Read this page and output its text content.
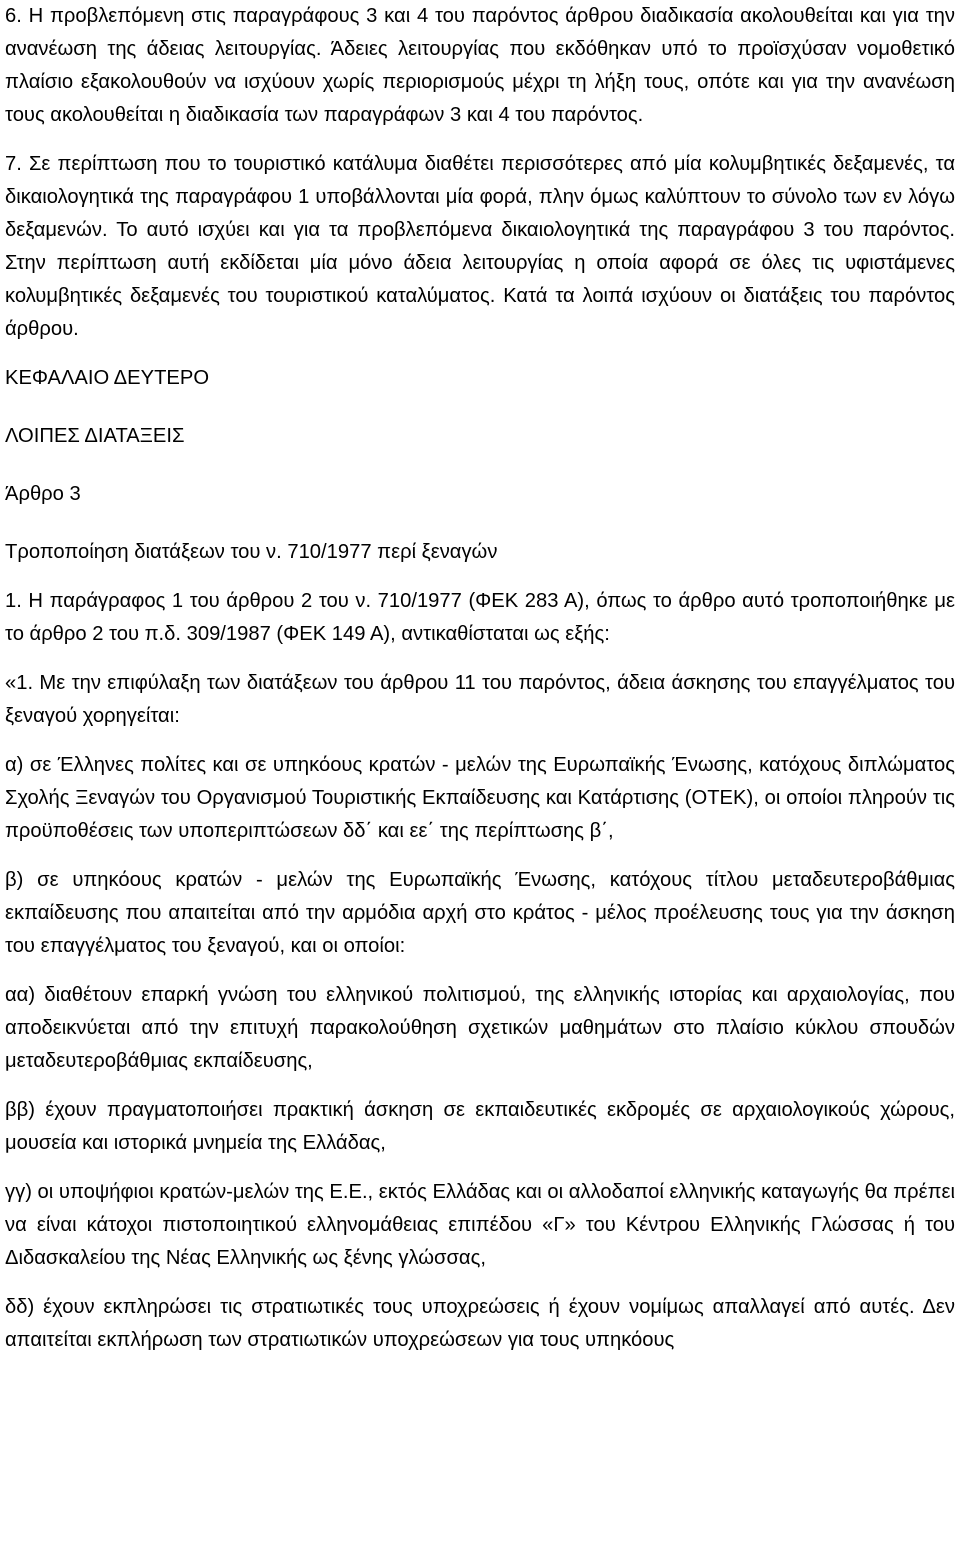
6. Η προβλεπόμενη στις παραγράφους 3 και 4 του παρόντος άρθρου διαδικασία ακολουθείται και για την ανανέωση της άδειας λειτουργίας. Άδειες λειτουργίας που εκδόθηκαν υπό το προϊσχύσαν νομοθετικό πλαίσιο εξακολουθούν να ισχύουν χωρίς περιορισμούς μέχρι τη λήξη τους, οπότε και για την ανανέωση τους ακολουθείται η διαδικασία των παραγράφων 3 και 4 του παρόντος.

7. Σε περίπτωση που το τουριστικό κατάλυμα διαθέτει περισσότερες από μία κολυμβητικές δεξαμενές, τα δικαιολογητικά της παραγράφου 1 υποβάλλονται μία φορά, πλην όμως καλύπτουν το σύνολο των εν λόγω δεξαμενών. Το αυτό ισχύει και για τα προβλεπόμενα δικαιολογητικά της παραγράφου 3 του παρόντος. Στην περίπτωση αυτή εκδίδεται μία μόνο άδεια λειτουργίας η οποία αφορά σε όλες τις υφιστάμενες κολυμβητικές δεξαμενές του τουριστικού καταλύματος. Κατά τα λοιπά ισχύουν οι διατάξεις του παρόντος άρθρου.

ΚΕΦΑΛΑΙΟ ΔΕΥΤΕΡΟ

ΛΟΙΠΕΣ ΔΙΑΤΑΞΕΙΣ

Άρθρο 3

Τροποποίηση διατάξεων του ν. 710/1977 περί ξεναγών

1. Η παράγραφος 1 του άρθρου 2 του ν. 710/1977 (ΦΕΚ 283 Α), όπως το άρθρο αυτό τροποποιήθηκε με το άρθρο 2 του π.δ. 309/1987 (ΦΕΚ 149 Α), αντικαθίσταται ως εξής:

«1. Με την επιφύλαξη των διατάξεων του άρθρου 11 του παρόντος, άδεια άσκησης του επαγγέλματος του ξεναγού χορηγείται:

α) σε Έλληνες πολίτες και σε υπηκόους κρατών - μελών της Ευρωπαϊκής Ένωσης, κατόχους διπλώματος Σχολής Ξεναγών του Οργανισμού Τουριστικής Εκπαίδευσης και Κατάρτισης (ΟΤΕΚ), οι οποίοι πληρούν τις προϋποθέσεις των υποπεριπτώσεων δδ΄ και εε΄ της περίπτωσης β΄,

β) σε υπηκόους κρατών - μελών της Ευρωπαϊκής Ένωσης, κατόχους τίτλου μεταδευτεροβάθμιας εκπαίδευσης που απαιτείται από την αρμόδια αρχή στο κράτος - μέλος προέλευσης τους για την άσκηση του επαγγέλματος του ξεναγού, και οι οποίοι:

αα) διαθέτουν επαρκή γνώση του ελληνικού πολιτισμού, της ελληνικής ιστορίας και αρχαιολογίας, που αποδεικνύεται από την επιτυχή παρακολούθηση σχετικών μαθημάτων στο πλαίσιο κύκλου σπουδών μεταδευτεροβάθμιας εκπαίδευσης,

ββ) έχουν πραγματοποιήσει πρακτική άσκηση σε εκπαιδευτικές εκδρομές σε αρχαιολογικούς χώρους, μουσεία και ιστορικά μνημεία της Ελλάδας,

γγ) οι υποψήφιοι κρατών-μελών της Ε.Ε., εκτός Ελλάδας και οι αλλοδαποί ελληνικής καταγωγής θα πρέπει να είναι κάτοχοι πιστοποιητικού ελληνομάθειας επιπέδου «Γ» του Κέντρου Ελληνικής Γλώσσας ή του Διδασκαλείου της Νέας Ελληνικής ως ξένης γλώσσας,

δδ) έχουν εκπληρώσει τις στρατιωτικές τους υποχρεώσεις ή έχουν νομίμως απαλλαγεί από αυτές. Δεν απαιτείται εκπλήρωση των στρατιωτικών υποχρεώσεων για τους υπηκόους
